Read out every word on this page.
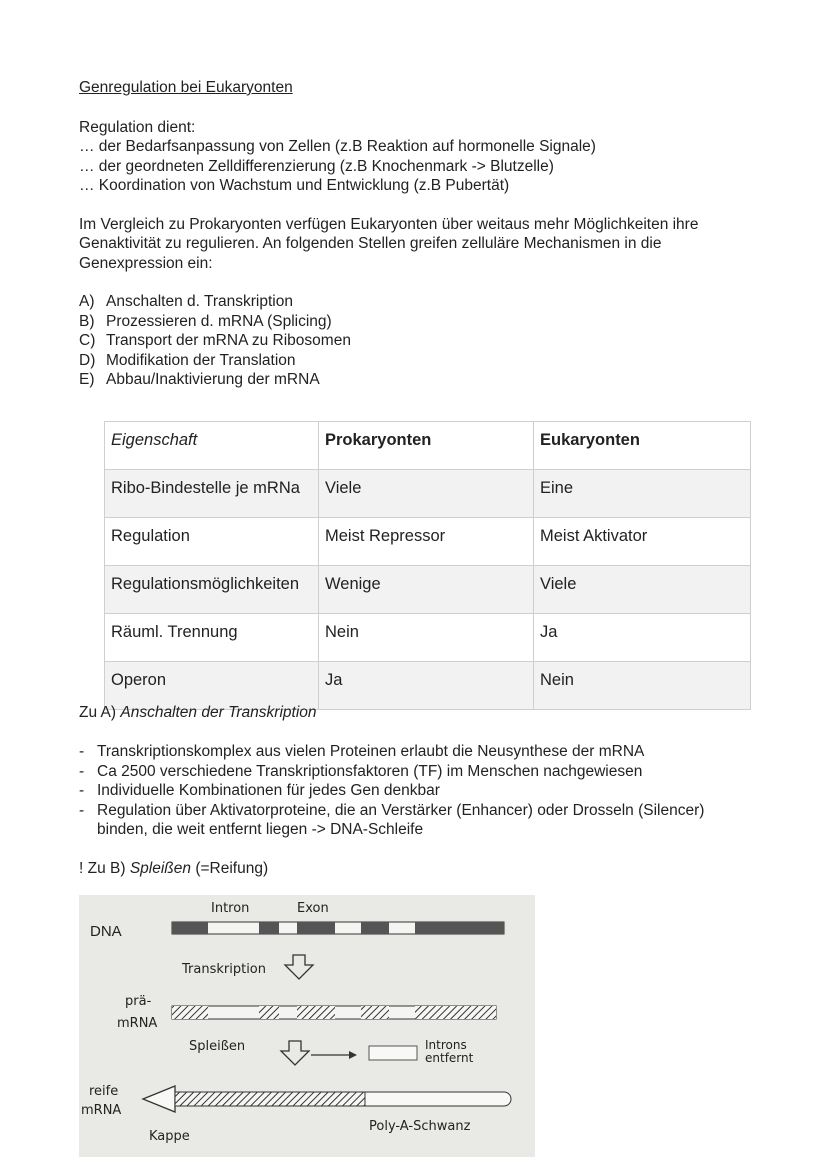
Genregulation bei Eukaryonten
Regulation dient:
… der Bedarfsanpassung von Zellen (z.B Reaktion auf hormonelle Signale)
… der geordneten Zelldifferenzierung (z.B Knochenmark -> Blutzelle)
… Koordination von Wachstum und Entwicklung (z.B Pubertät)
Im Vergleich zu Prokaryonten verfügen Eukaryonten über weitaus mehr Möglichkeiten ihre Genaktivität zu regulieren. An folgenden Stellen greifen zelluläre Mechanismen in die Genexpression ein:
A) Anschalten d. Transkription
B) Prozessieren d. mRNA (Splicing)
C) Transport der mRNA zu Ribosomen
D) Modifikation der Translation
E) Abbau/Inaktivierung der mRNA
Eigenschaft	Prokaryonten	Eukaryonten
Ribo-Bindestelle je mRNa	Viele	Eine
Regulation	Meist Repressor	Meist Aktivator
Regulationsmöglichkeiten	Wenige	Viele
Räuml. Trennung	Nein	Ja
Operon	Ja	Nein
Zu A) Anschalten der Transkription
- Transkriptionskomplex aus vielen Proteinen erlaubt die Neusynthese der mRNA
- Ca 2500 verschiedene Transkriptionsfaktoren (TF) im Menschen nachgewiesen
- Individuelle Kombinationen für jedes Gen denkbar
- Regulation über Aktivatorproteine, die an Verstärker (Enhancer) oder Drosseln (Silencer) binden, die weit entfernt liegen -> DNA-Schleife
! Zu B) Spleißen (=Reifung)
Intron	Exon
DNA
Transkription
prä-
mRNA
Spleißen	Introns
entfernt
reife
mRNA
Kappe
Poly-A-Schwanz
